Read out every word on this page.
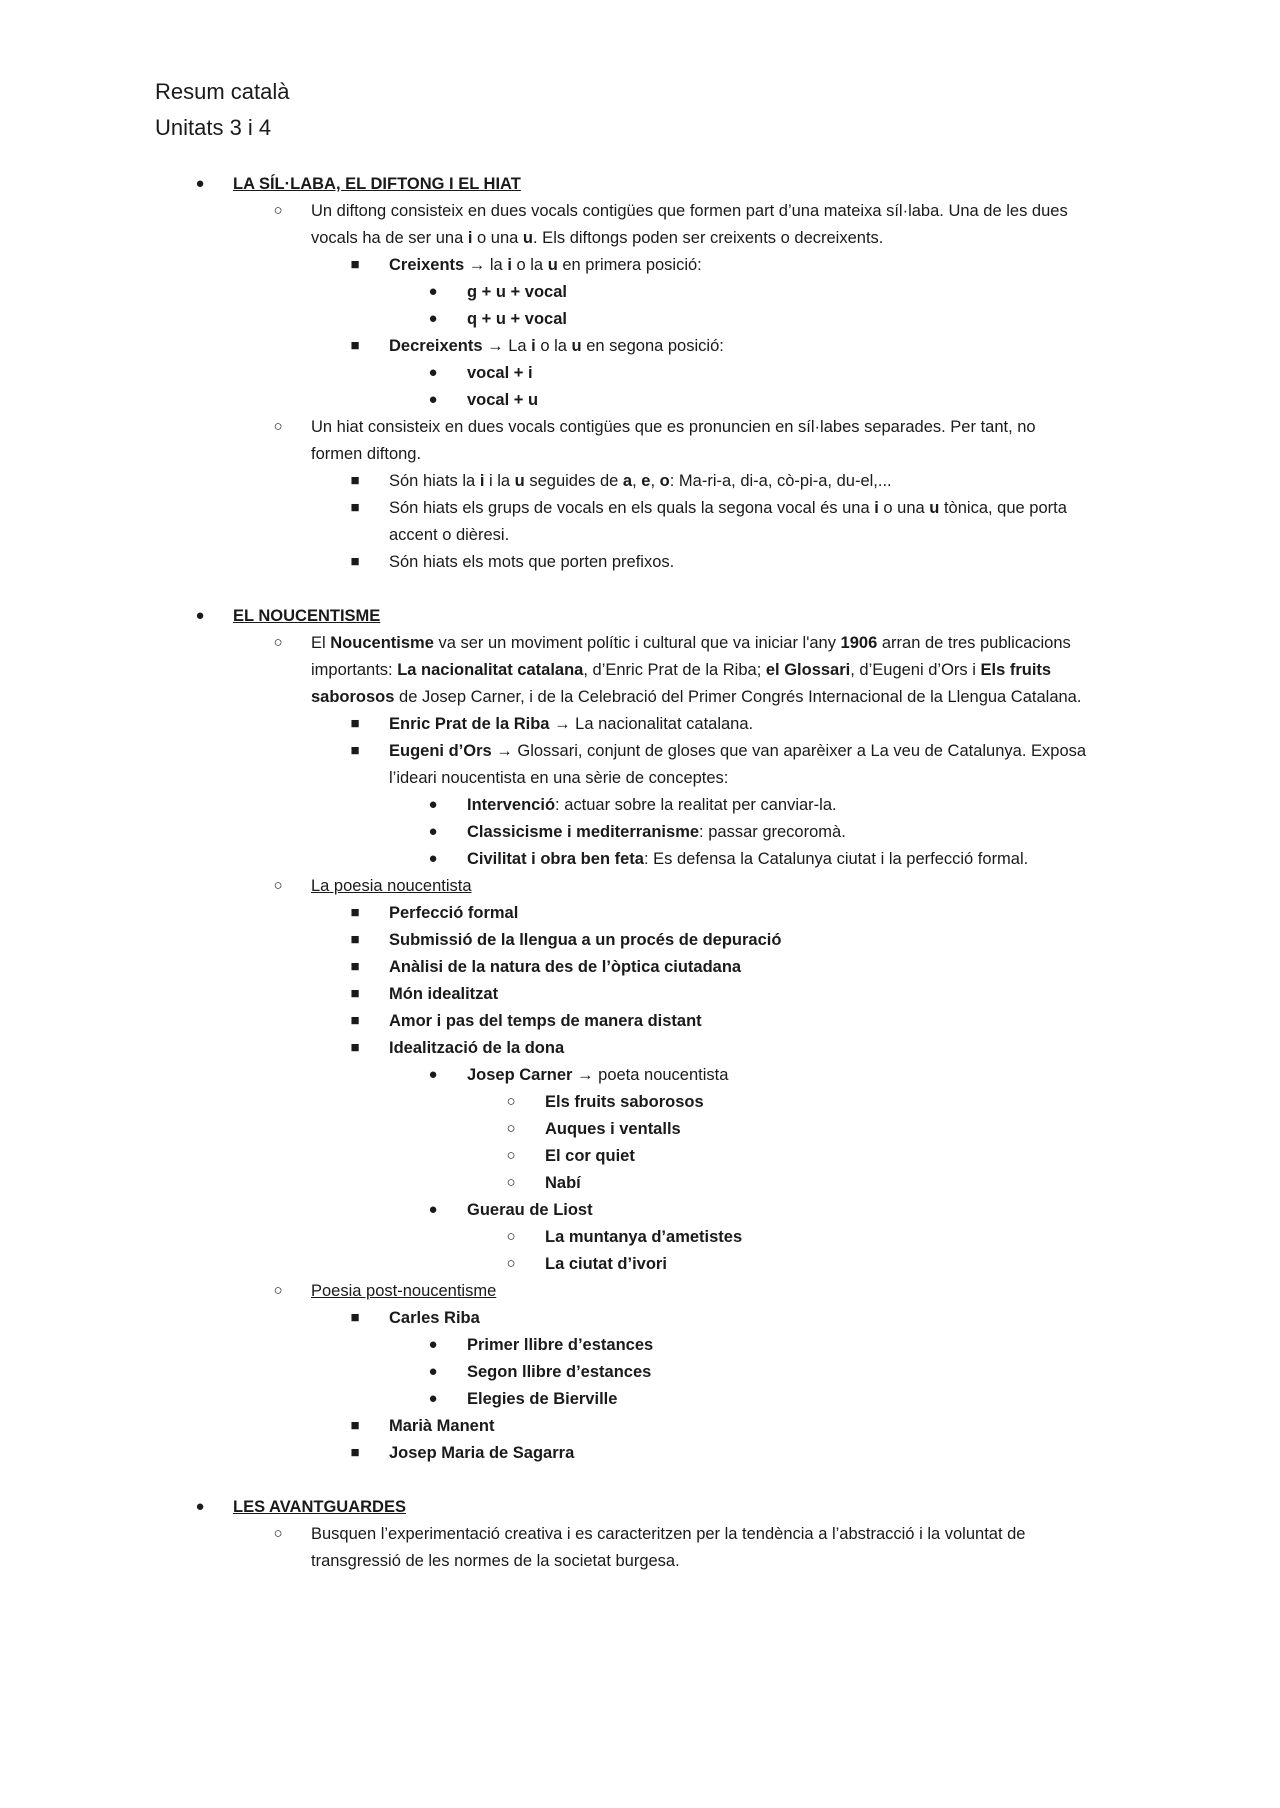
Resum català
Unitats 3 i 4
●	LA SÍL·LABA, EL DIFTONG I EL HIAT
○	Un diftong consisteix en dues vocals contigües que formen part d’una mateixa síl·laba. Una de les dues
vocals ha de ser una i o una u. Els diftongs poden ser creixents o decreixents.
■	Creixents → la i o la u en primera posició:
●	g + u + vocal
●	q + u + vocal
■	Decreixents → La i o la u en segona posició:
●	vocal + i
●	vocal + u
○	Un hiat consisteix en dues vocals contigües que es pronuncien en síl·labes separades. Per tant, no
formen diftong.
■	Són hiats la i i la u seguides de a, e, o: Ma-ri-a, di-a, cò-pi-a, du-el,...
■	Són hiats els grups de vocals en els quals la segona vocal és una i o una u tònica, que porta
accent o dièresi.
■	Són hiats els mots que porten prefixos.
●	EL NOUCENTISME
○	El Noucentisme va ser un moviment polític i cultural que va iniciar l'any 1906 arran de tres publicacions
importants: La nacionalitat catalana, d’Enric Prat de la Riba; el Glossari, d’Eugeni d’Ors i Els fruits
saborosos de Josep Carner, i de la Celebració del Primer Congrés Internacional de la Llengua Catalana.
■	Enric Prat de la Riba → La nacionalitat catalana.
■	Eugeni d’Ors → Glossari, conjunt de gloses que van aparèixer a La veu de Catalunya. Exposa
l’ideari noucentista en una sèrie de conceptes:
●	Intervenció: actuar sobre la realitat per canviar-la.
●	Classicisme i mediterranisme: passar grecoromà.
●	Civilitat i obra ben feta: Es defensa la Catalunya ciutat i la perfecció formal.
○	La poesia noucentista
■	Perfecció formal
■	Submissió de la llengua a un procés de depuració
■	Anàlisi de la natura des de l’òptica ciutadana
■	Món idealitzat
■	Amor i pas del temps de manera distant
■	Idealització de la dona
●	Josep Carner → poeta noucentista
○	Els fruits saborosos
○	Auques i ventalls
○	El cor quiet
○	Nabí
●	Guerau de Liost
○	La muntanya d’ametistes
○	La ciutat d’ivori
○	Poesia post-noucentisme
■	Carles Riba
●	Primer llibre d’estances
●	Segon llibre d’estances
●	Elegies de Bierville
■	Marià Manent
■	Josep Maria de Sagarra
●	LES AVANTGUARDES
○	Busquen l’experimentació creativa i es caracteritzen per la tendència a l’abstracció i la voluntat de
transgressió de les normes de la societat burgesa.
